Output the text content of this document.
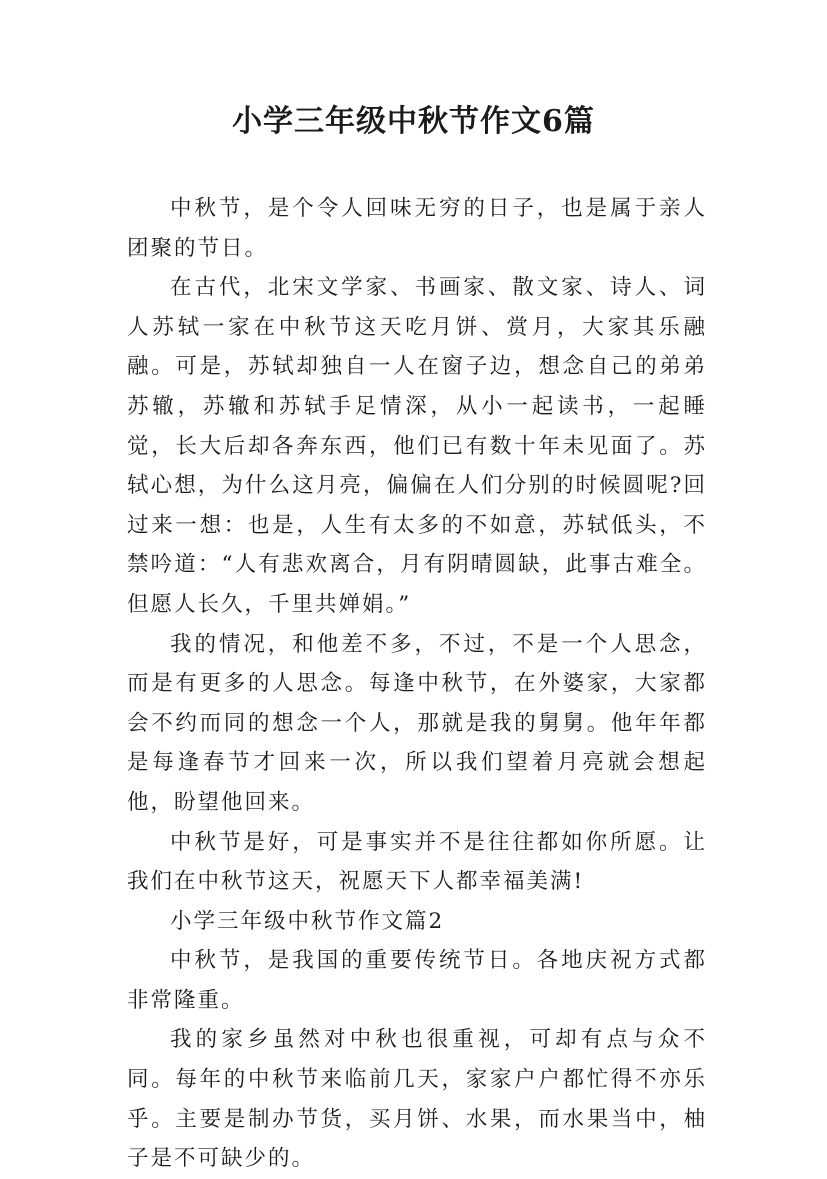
小学三年级中秋节作文6篇

中秋节，是个令人回味无穷的日子，也是属于亲人团聚的节日。

在古代，北宋文学家、书画家、散文家、诗人、词人苏轼一家在中秋节这天吃月饼、赏月，大家其乐融融。可是，苏轼却独自一人在窗子边，想念自己的弟弟苏辙，苏辙和苏轼手足情深，从小一起读书，一起睡觉，长大后却各奔东西，他们已有数十年未见面了。苏轼心想，为什么这月亮，偏偏在人们分别的时候圆呢?回过来一想：也是，人生有太多的不如意，苏轼低头，不禁吟道：“人有悲欢离合，月有阴晴圆缺，此事古难全。但愿人长久，千里共婵娟。”

我的情况，和他差不多，不过，不是一个人思念，而是有更多的人思念。每逢中秋节，在外婆家，大家都会不约而同的想念一个人，那就是我的舅舅。他年年都是每逢春节才回来一次，所以我们望着月亮就会想起他，盼望他回来。

中秋节是好，可是事实并不是往往都如你所愿。让我们在中秋节这天，祝愿天下人都幸福美满!

小学三年级中秋节作文篇2

中秋节，是我国的重要传统节日。各地庆祝方式都非常隆重。

我的家乡虽然对中秋也很重视，可却有点与众不同。每年的中秋节来临前几天，家家户户都忙得不亦乐乎。主要是制办节货，买月饼、水果，而水果当中，柚子是不可缺少的。
